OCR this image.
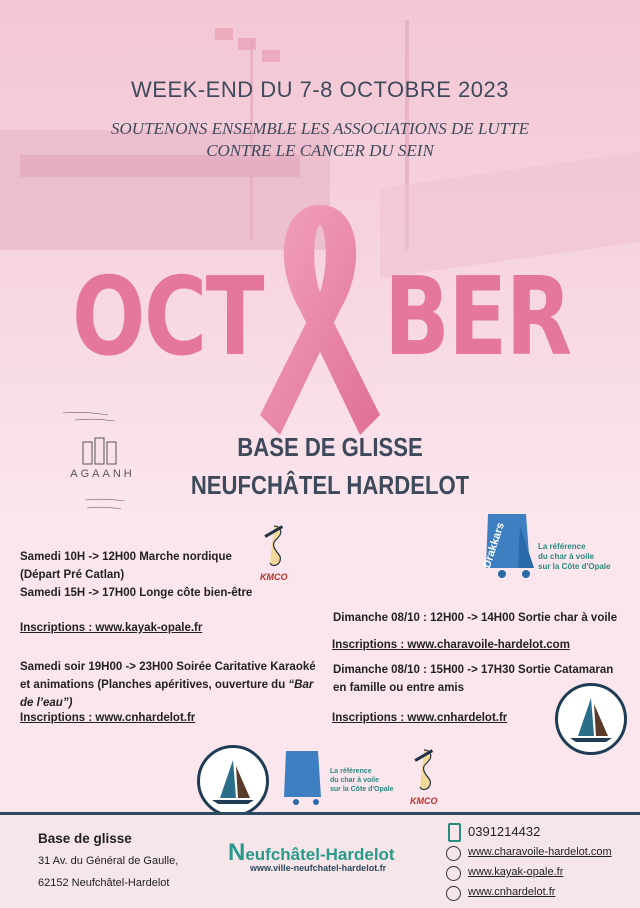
WEEK-END DU 7-8 OCTOBRE 2023
SOUTENONS ENSEMBLE LES ASSOCIATIONS DE LUTTE
CONTRE LE CANCER DU SEIN
OCT BER
AGAANH
BASE DE GLISSE
NEUFCHÂTEL HARDELOT
KMCO
Drakkars	La référence
du char à voile
sur la Côte d'Opale
Samedi 10H -> 12H00 Marche nordique
(Départ Pré Catlan)
Samedi 15H -> 17H00 Longe côte bien-être
Inscriptions : www.kayak-opale.fr
Samedi soir 19H00 -> 23H00 Soirée Caritative Karaoké
et animations (Planches apéritives, ouverture du “Bar
de l’eau”)
Inscriptions : www.cnhardelot.fr
Dimanche 08/10 : 12H00 -> 14H00 Sortie char à voile
Inscriptions : www.charavoile-hardelot.com
Dimanche 08/10 : 15H00 -> 17H30 Sortie Catamaran
en famille ou entre amis
Inscriptions : www.cnhardelot.fr
La référence
du char à voile
sur la Côte d'Opale
KMCO
Base de glisse
31 Av. du Général de Gaulle,
62152 Neufchâtel-Hardelot
Neufchâtel-Hardelot
www.ville-neufchatel-hardelot.fr
0391214432
www.charavoile-hardelot.com
www.kayak-opale.fr
www.cnhardelot.fr
